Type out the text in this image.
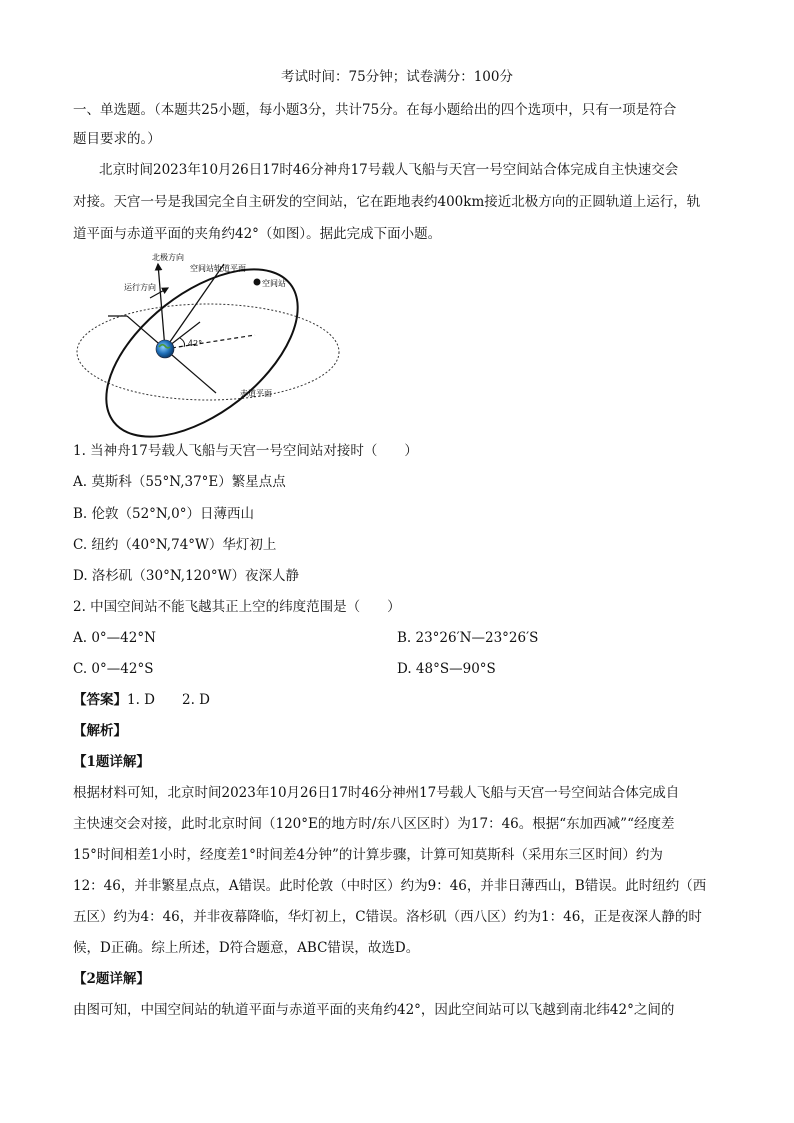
考试时间：75分钟；试卷满分：100分
一、单选题。（本题共25小题，每小题3分，共计75分。在每小题给出的四个选项中，只有一项是符合
题目要求的。）
北京时间2023年10月26日17时46分神舟17号载人飞船与天宫一号空间站合体完成自主快速交会
对接。天宫一号是我国完全自主研发的空间站，它在距地表约400km接近北极方向的正圆轨道上运行，轨
道平面与赤道平面的夹角约42°（如图）。据此完成下面小题。
北极方向
空间站轨道平面
空间站
运行方向
42°
赤道平面
1. 当神舟17号载人飞船与天宫一号空间站对接时（　　）
A. 莫斯科（55°N,37°E）繁星点点
B. 伦敦（52°N,0°）日薄西山
C. 纽约（40°N,74°W）华灯初上
D. 洛杉矶（30°N,120°W）夜深人静
2. 中国空间站不能飞越其正上空的纬度范围是（　　）
A. 0°—42°N	B. 23°26′N—23°26′S
C. 0°—42°S	D. 48°S—90°S
【答案】1. D　　2. D
【解析】
【1题详解】
根据材料可知，北京时间2023年10月26日17时46分神州17号载人飞船与天宫一号空间站合体完成自
主快速交会对接，此时北京时间（120°E的地方时/东八区区时）为17：46。根据“东加西减”“经度差
15°时间相差1小时，经度差1°时间差4分钟”的计算步骤，计算可知莫斯科（采用东三区时间）约为
12：46，并非繁星点点，A错误。此时伦敦（中时区）约为9：46，并非日薄西山，B错误。此时纽约（西
五区）约为4：46，并非夜幕降临，华灯初上，C错误。洛杉矶（西八区）约为1：46，正是夜深人静的时
候，D正确。综上所述，D符合题意，ABC错误，故选D。
【2题详解】
由图可知，中国空间站的轨道平面与赤道平面的夹角约42°，因此空间站可以飞越到南北纬42°之间的
